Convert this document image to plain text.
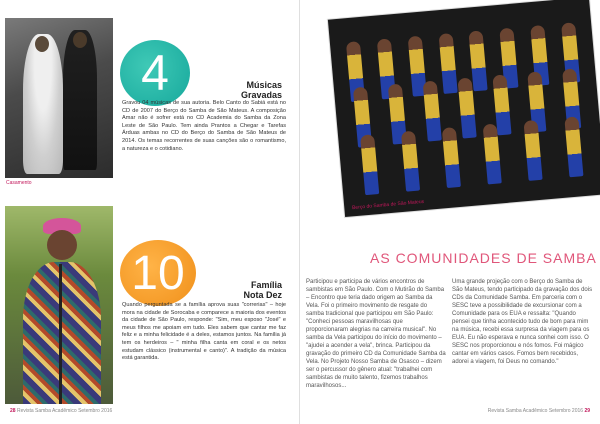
Casamento
4	Músicas
Gravadas
Gravou 04 músicas de sua autoria. Belo Canto do Sabiá está no CD de 2007 do Berço do Samba de São Mateus. A composição Amar não é sofrer está no CD Academia do Samba da Zona Leste de São Paulo. Tem ainda Prantos a Chegar e Tarefas Árduas ambas no CD do Berço do Samba de São Mateus de 2014. Os temas recorrentes de suas canções são o romantismo, a natureza e o cotidiano.
10	Família
Nota Dez
Quando perguntada se a família aprova suas "correrias" – hoje mora na cidade de Sorocaba e comparece a maioria dos eventos da cidade de São Paulo, responde: "Sim, meu esposo "José" e meus filhos me apoiam em tudo. Eles sabem que cantar me faz feliz e a minha felicidade é a deles, estamos juntos. Na família já tem os herdeiros – " minha filha canta em coral e os netos estudam clássico (instrumental e canto)". A tradição da música está garantida.
28 Revista Samba Acadêmico Setembro 2016
Berço do Samba de São Mateus
AS COMUNIDADES DE SAMBA
Participou e participa de vários encontros de sambistas em São Paulo. Com o Mutirão do Samba – Encontro que teria dado origem ao Samba da Vela. Foi o primeiro movimento de resgate do samba tradicional que participou em São Paulo: "Conheci pessoas maravilhosas que proporcionaram alegrias na carreira musical". No samba da Vela participou do início do movimento – "ajudei a acender a vela", brinca. Participou da gravação do primeiro CD da Comunidade Samba da Vela. No Projeto Nosso Samba de Osasco – dizem ser o percussor do gênero atual: "trabalhei com sambistas de muito talento, fizemos trabalhos maravilhosos...
Uma grande projeção com o Berço do Samba de São Mateus, tendo participado da gravação dos dois CDs da Comunidade Samba. Em parceria com o SESC teve a possibilidade de excursionar com a Comunidade para os EUA e ressalta: "Quando pensei que tinha acontecido tudo de bom para mim na música, recebi essa surpresa da viagem para os EUA. Eu não esperava e nunca sonhei com isso. O SESC nos proporcionou e nós fomos. Foi mágico cantar em vários casos. Fomos bem recebidos, adorei a viagem, foi Deus no comando."
Revista Samba Acadêmico Setembro 2016 29
